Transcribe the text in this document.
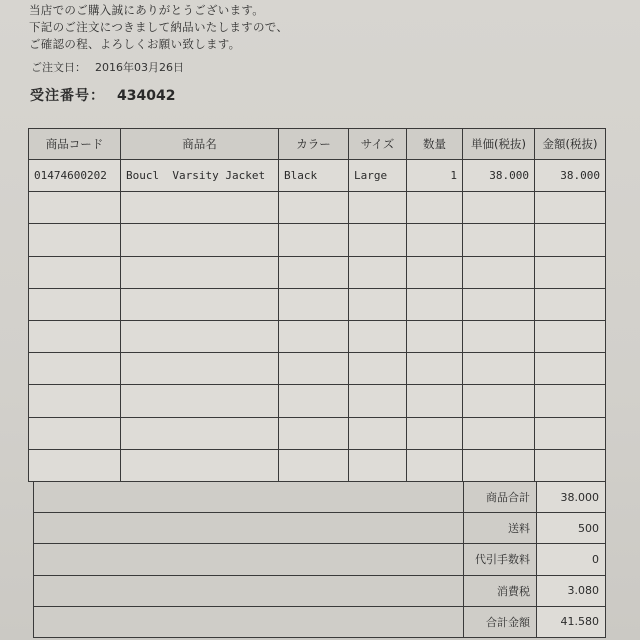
当店でのご購入誠にありがとうございます。
下記のご注文につきまして納品いたしますので、
ご確認の程、よろしくお願い致します。
ご注文日： 2016年03月26日
受注番号： 434042
商品コード	商品名	カラー	サイズ	数量	単価(税抜)	金額(税抜)
01474600202	Boucl  Varsity Jacket	Black	Large	1	38.000	38.000

	商品合計	38.000
	送料	500
	代引手数料	0
	消費税	3.080
	合計金額	41.580
